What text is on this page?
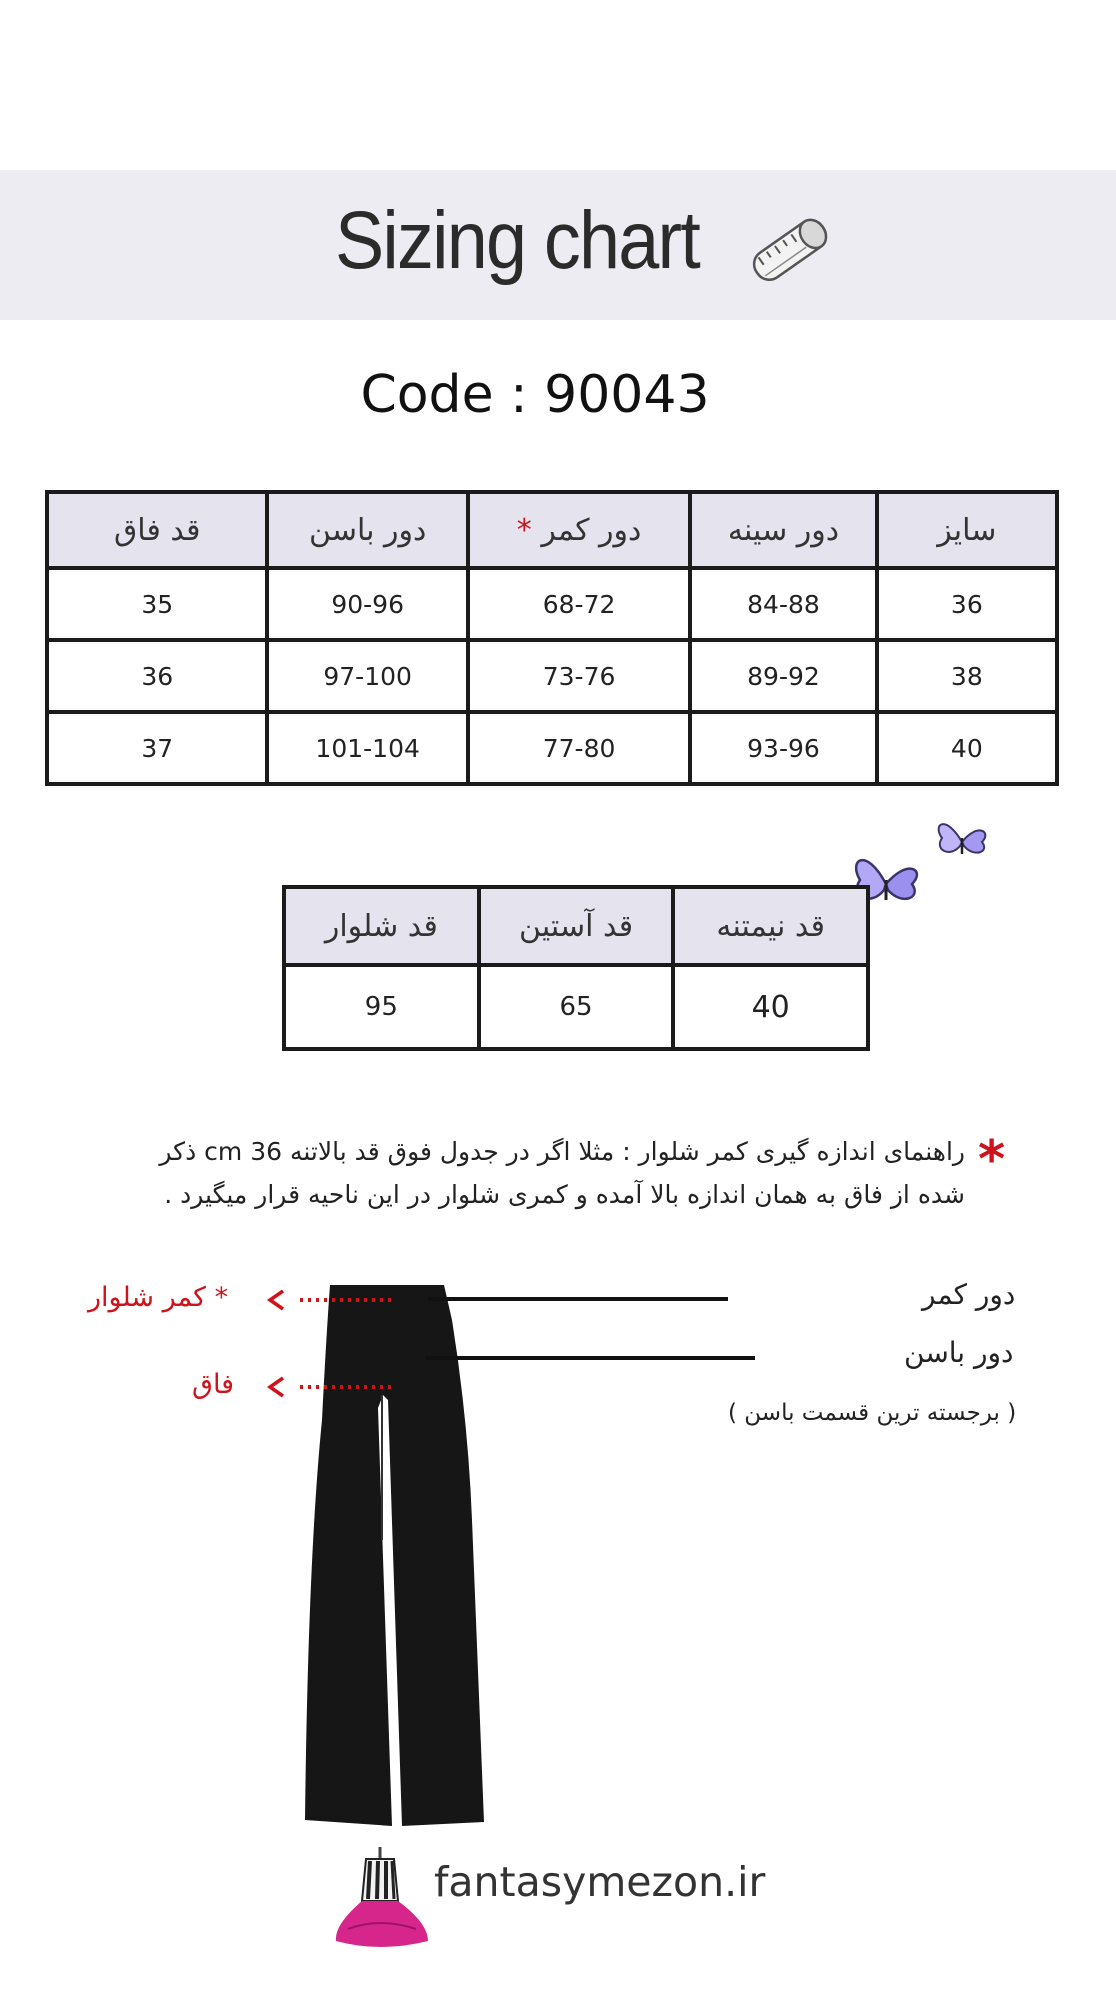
Sizing chart
Code : 90043
سایز	دور سینه	دور کمر *	دور باسن	قد فاق
36	84-88	68-72	90-96	35
38	89-92	73-76	97-100	36
40	93-96	77-80	101-104	37
قد نیمتنه	قد آستین	قد شلوار
40	65	95
*
راهنمای اندازه گیری کمر شلوار : مثلا اگر در جدول فوق قد بالاتنه 36 cm ذکر
شده از فاق به همان اندازه بالا آمده و کمری شلوار در این ناحیه قرار میگیرد .
* کمر شلوار
فاق
دور کمر
دور باسن
( برجسته ترین قسمت باسن )
fantasymezon.ir
